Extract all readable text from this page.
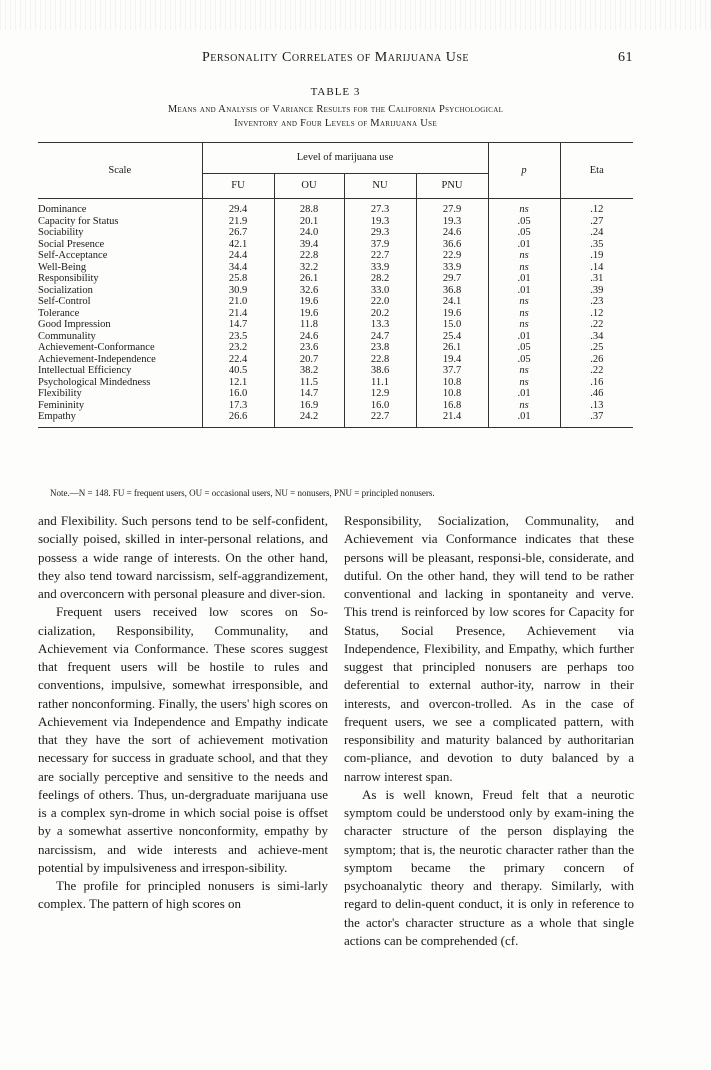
Personality Correlates of Marijuana Use	61
TABLE 3
Means and Analysis of Variance Results for the California Psychological
Inventory and Four Levels of Marijuana Use
Scale	Level of marijuana use				p	Eta
	FU	OU	NU	PNU		
Dominance	29.4	28.8	27.3	27.9	ns	.12
Capacity for Status	21.9	20.1	19.3	19.3	.05	.27
Sociability	26.7	24.0	29.3	24.6	.05	.24
Social Presence	42.1	39.4	37.9	36.6	.01	.35
Self-Acceptance	24.4	22.8	22.7	22.9	ns	.19
Well-Being	34.4	32.2	33.9	33.9	ns	.14
Responsibility	25.8	26.1	28.2	29.7	.01	.31
Socialization	30.9	32.6	33.0	36.8	.01	.39
Self-Control	21.0	19.6	22.0	24.1	ns	.23
Tolerance	21.4	19.6	20.2	19.6	ns	.12
Good Impression	14.7	11.8	13.3	15.0	ns	.22
Communality	23.5	24.6	24.7	25.4	.01	.34
Achievement-Conformance	23.2	23.6	23.8	26.1	.05	.25
Achievement-Independence	22.4	20.7	22.8	19.4	.05	.26
Intellectual Efficiency	40.5	38.2	38.6	37.7	ns	.22
Psychological Mindedness	12.1	11.5	11.1	10.8	ns	.16
Flexibility	16.0	14.7	12.9	10.8	.01	.46
Femininity	17.3	16.9	16.0	16.8	ns	.13
Empathy	26.6	24.2	22.7	21.4	.01	.37
Note.—N = 148. FU = frequent users, OU = occasional users, NU = nonusers, PNU = principled nonusers.

and Flexibility. Such persons tend to be self-confident, socially poised, skilled in inter-personal relations, and possess a wide range of interests. On the other hand, they also tend toward narcissism, self-aggrandizement, and overconcern with personal pleasure and diver-sion.

Frequent users received low scores on So-cialization, Responsibility, Communality, and Achievement via Conformance. These scores suggest that frequent users will be hostile to rules and conventions, impulsive, somewhat irresponsible, and rather nonconforming. Finally, the users' high scores on Achievement via Independence and Empathy indicate that they have the sort of achievement motivation necessary for success in graduate school, and that they are socially perceptive and sensitive to the needs and feelings of others. Thus, un-dergraduate marijuana use is a complex syn-drome in which social poise is offset by a somewhat assertive nonconformity, empathy by narcissism, and wide interests and achieve-ment potential by impulsiveness and irrespon-sibility.

The profile for principled nonusers is simi-larly complex. The pattern of high scores on

Responsibility, Socialization, Communality, and Achievement via Conformance indicates that these persons will be pleasant, responsi-ble, considerate, and dutiful. On the other hand, they will tend to be rather conventional and lacking in spontaneity and verve. This trend is reinforced by low scores for Capacity for Status, Social Presence, Achievement via Independence, Flexibility, and Empathy, which further suggest that principled nonusers are perhaps too deferential to external author-ity, narrow in their interests, and overcon-trolled. As in the case of frequent users, we see a complicated pattern, with responsibility and maturity balanced by authoritarian com-pliance, and devotion to duty balanced by a narrow interest span.

As is well known, Freud felt that a neurotic symptom could be understood only by exam-ining the character structure of the person displaying the symptom; that is, the neurotic character rather than the symptom became the primary concern of psychoanalytic theory and therapy. Similarly, with regard to delin-quent conduct, it is only in reference to the actor's character structure as a whole that single actions can be comprehended (cf.
